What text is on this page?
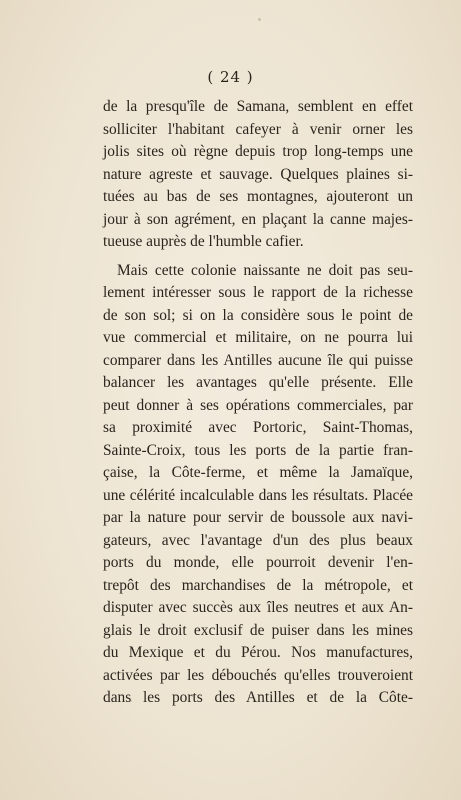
( 24 )
de la presqu'île de Samana, semblent en effet
solliciter l'habitant cafeyer à venir orner les
jolis sites où règne depuis trop long-temps une
nature agreste et sauvage. Quelques plaines si-
tuées au bas de ses montagnes, ajouteront un
jour à son agrément, en plaçant la canne majes-
tueuse auprès de l'humble cafier.
Mais cette colonie naissante ne doit pas seu-
lement intéresser sous le rapport de la richesse
de son sol; si on la considère sous le point de
vue commercial et militaire, on ne pourra lui
comparer dans les Antilles aucune île qui puisse
balancer les avantages qu'elle présente. Elle
peut donner à ses opérations commerciales, par
sa proximité avec Portoric, Saint-Thomas,
Sainte-Croix, tous les ports de la partie fran-
çaise, la Côte-ferme, et même la Jamaïque,
une célérité incalculable dans les résultats. Placée
par la nature pour servir de boussole aux navi-
gateurs, avec l'avantage d'un des plus beaux
ports du monde, elle pourroit devenir l'en-
trepôt des marchandises de la métropole, et
disputer avec succès aux îles neutres et aux An-
glais le droit exclusif de puiser dans les mines
du Mexique et du Pérou. Nos manufactures,
activées par les débouchés qu'elles trouveroient
dans les ports des Antilles et de la Côte-
